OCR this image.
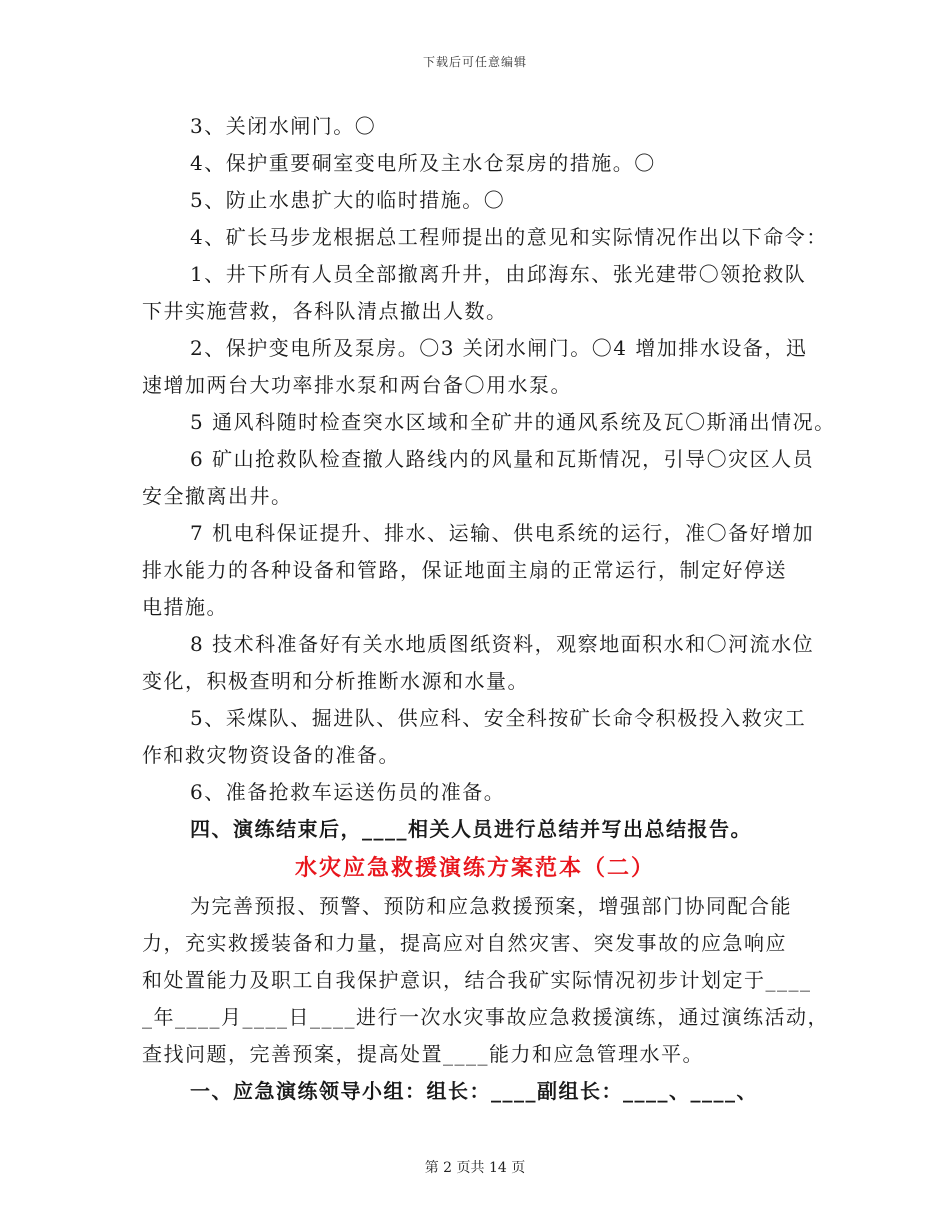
下载后可任意编辑
3、关闭水闸门。〇
4、保护重要硐室变电所及主水仓泵房的措施。〇
5、防止水患扩大的临时措施。〇
4、矿长马步龙根据总工程师提出的意见和实际情况作出以下命令：
1、井下所有人员全部撤离升井，由邱海东、张光建带〇领抢救队
下井实施营救，各科队清点撤出人数。
2、保护变电所及泵房。〇3 关闭水闸门。〇4 增加排水设备，迅
速增加两台大功率排水泵和两台备〇用水泵。
5 通风科随时检查突水区域和全矿井的通风系统及瓦〇斯涌出情况。
6 矿山抢救队检查撤人路线内的风量和瓦斯情况，引导〇灾区人员
安全撤离出井。
7 机电科保证提升、排水、运输、供电系统的运行，准〇备好增加
排水能力的各种设备和管路，保证地面主扇的正常运行，制定好停送
电措施。
8 技术科准备好有关水地质图纸资料，观察地面积水和〇河流水位
变化，积极查明和分析推断水源和水量。
5、采煤队、掘进队、供应科、安全科按矿长命令积极投入救灾工
作和救灾物资设备的准备。
6、准备抢救车运送伤员的准备。
四、演练结束后，____相关人员进行总结并写出总结报告。
水灾应急救援演练方案范本（二）
为完善预报、预警、预防和应急救援预案，增强部门协同配合能
力，充实救援装备和力量，提高应对自然灾害、突发事故的应急响应
和处置能力及职工自我保护意识，结合我矿实际情况初步计划定于____
_年____月____日____进行一次水灾事故应急救援演练，通过演练活动，
查找问题，完善预案，提高处置____能力和应急管理水平。
一、应急演练领导小组：组长：____副组长：____、____、
第 2 页共 14 页
